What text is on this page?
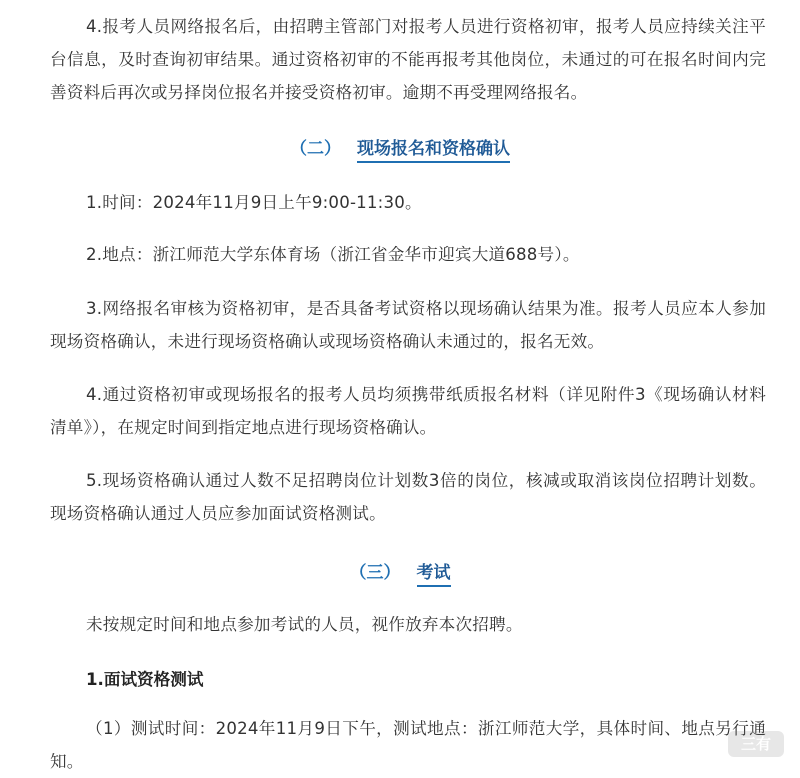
4.报考人员网络报名后，由招聘主管部门对报考人员进行资格初审，报考人员应持续关注平台信息，及时查询初审结果。通过资格初审的不能再报考其他岗位，未通过的可在报名时间内完善资料后再次或另择岗位报名并接受资格初审。逾期不再受理网络报名。

（二） 现场报名和资格确认

1.时间：2024年11月9日上午9:00-11:30。

2.地点：浙江师范大学东体育场（浙江省金华市迎宾大道688号）。

3.网络报名审核为资格初审，是否具备考试资格以现场确认结果为准。报考人员应本人参加现场资格确认，未进行现场资格确认或现场资格确认未通过的，报名无效。

4.通过资格初审或现场报名的报考人员均须携带纸质报名材料（详见附件3《现场确认材料清单》），在规定时间到指定地点进行现场资格确认。

5.现场资格确认通过人数不足招聘岗位计划数3倍的岗位，核减或取消该岗位招聘计划数。现场资格确认通过人员应参加面试资格测试。

（三） 考试

未按规定时间和地点参加考试的人员，视作放弃本次招聘。

1.面试资格测试

（1）测试时间：2024年11月9日下午，测试地点：浙江师范大学，具体时间、地点另行通知。

三有
